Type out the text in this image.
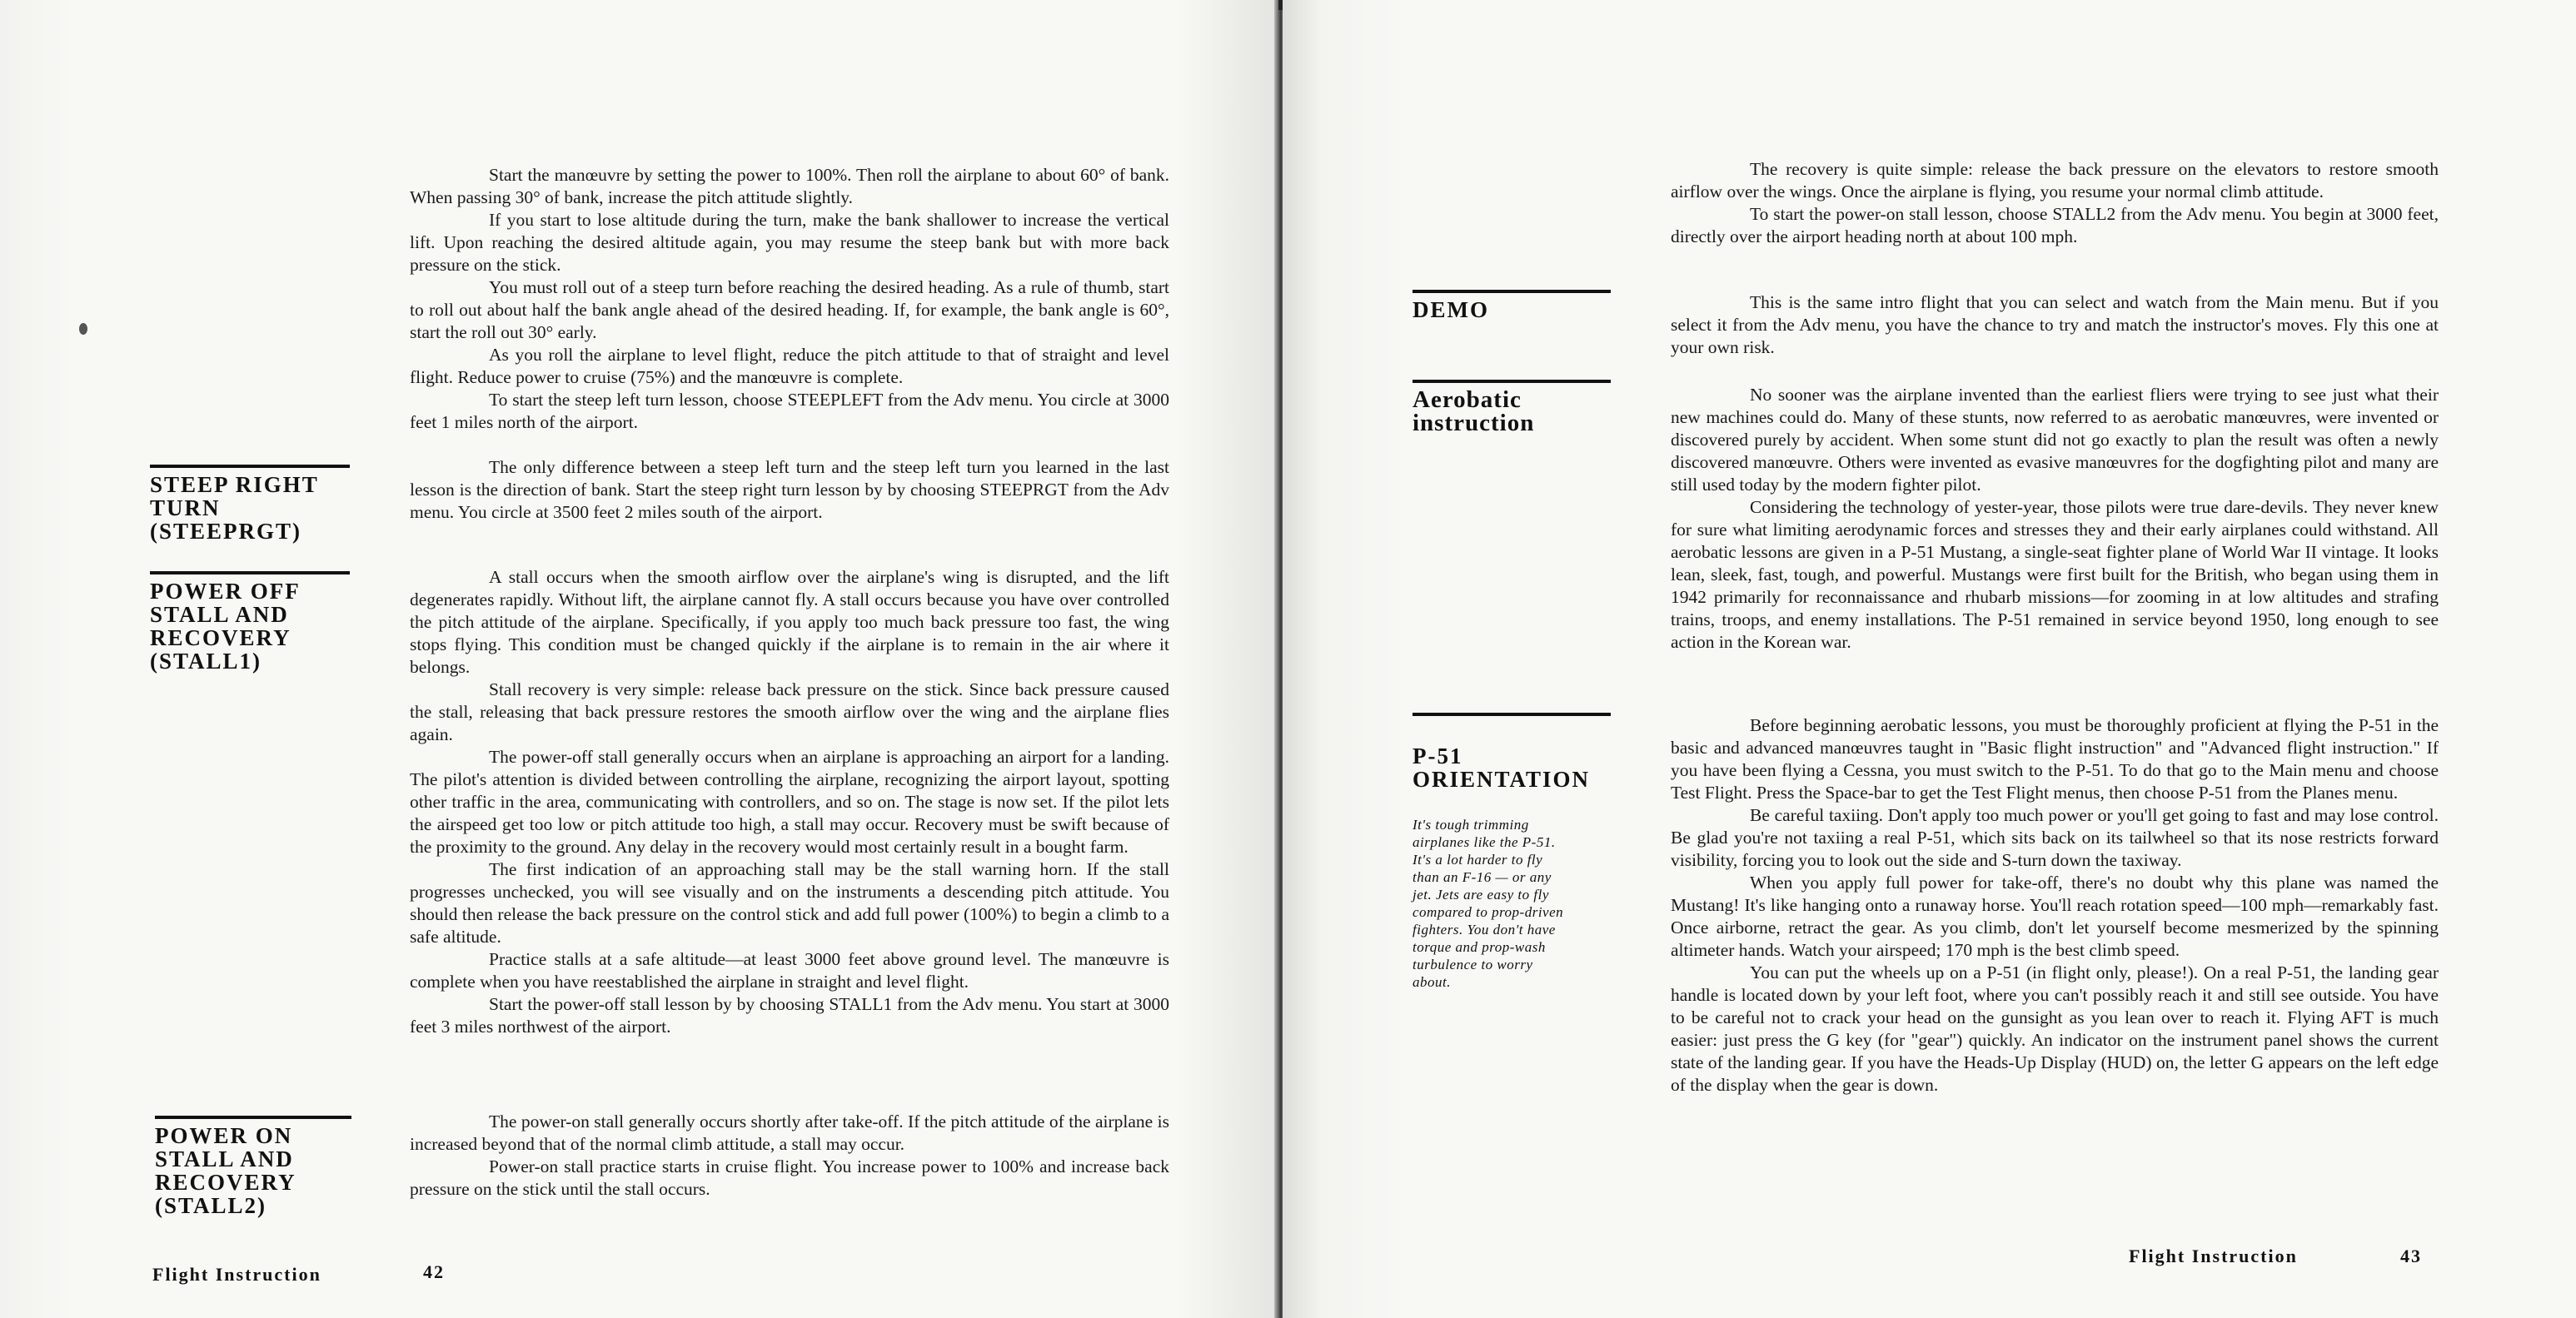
STEEP RIGHT
TURN
(STEEPRGT)
POWER OFF
STALL AND
RECOVERY
(STALL1)
POWER ON
STALL AND
RECOVERY
(STALL2)

Start the manœuvre by setting the power to 100%. Then roll the airplane to about 60° of bank. When passing 30° of bank, increase the pitch attitude slightly.

If you start to lose altitude during the turn, make the bank shallower to increase the vertical lift. Upon reaching the desired altitude again, you may resume the steep bank but with more back pressure on the stick.

You must roll out of a steep turn before reaching the desired heading. As a rule of thumb, start to roll out about half the bank angle ahead of the desired heading. If, for example, the bank angle is 60°, start the roll out 30° early.

As you roll the airplane to level flight, reduce the pitch attitude to that of straight and level flight. Reduce power to cruise (75%) and the manœuvre is complete.

To start the steep left turn lesson, choose STEEPLEFT from the Adv menu. You circle at 3000 feet 1 miles north of the airport.

The only difference between a steep left turn and the steep left turn you learned in the last lesson is the direction of bank. Start the steep right turn lesson by by choosing STEEPRGT from the Adv menu. You circle at 3500 feet 2 miles south of the airport.

A stall occurs when the smooth airflow over the airplane's wing is disrupted, and the lift degenerates rapidly. Without lift, the airplane cannot fly. A stall occurs because you have over controlled the pitch attitude of the airplane. Specifically, if you apply too much back pressure too fast, the wing stops flying. This condition must be changed quickly if the airplane is to remain in the air where it belongs.

Stall recovery is very simple: release back pressure on the stick. Since back pressure caused the stall, releasing that back pressure restores the smooth airflow over the wing and the airplane flies again.

The power-off stall generally occurs when an airplane is approaching an airport for a landing. The pilot's attention is divided between controlling the airplane, recognizing the airport layout, spotting other traffic in the area, communicating with controllers, and so on. The stage is now set. If the pilot lets the airspeed get too low or pitch attitude too high, a stall may occur. Recovery must be swift because of the proximity to the ground. Any delay in the recovery would most certainly result in a bought farm.

The first indication of an approaching stall may be the stall warning horn. If the stall progresses unchecked, you will see visually and on the instruments a descending pitch attitude. You should then release the back pressure on the control stick and add full power (100%) to begin a climb to a safe altitude.

Practice stalls at a safe altitude—at least 3000 feet above ground level. The manœuvre is complete when you have reestablished the airplane in straight and level flight.

Start the power-off stall lesson by by choosing STALL1 from the Adv menu. You start at 3000 feet 3 miles northwest of the airport.

The power-on stall generally occurs shortly after take-off. If the pitch attitude of the airplane is increased beyond that of the normal climb attitude, a stall may occur.

Power-on stall practice starts in cruise flight. You increase power to 100% and increase back pressure on the stick until the stall occurs.

Flight Instruction	42
DEMO
Aerobatic
instruction

P-51
ORIENTATION

It's tough trimming
airplanes like the P-51.
It's a lot harder to fly
than an F-16 — or any
jet. Jets are easy to fly
compared to prop-driven
fighters. You don't have
torque and prop-wash
turbulence to worry
about.

The recovery is quite simple: release the back pressure on the elevators to restore smooth airflow over the wings. Once the airplane is flying, you resume your normal climb attitude.

To start the power-on stall lesson, choose STALL2 from the Adv menu. You begin at 3000 feet, directly over the airport heading north at about 100 mph.

This is the same intro flight that you can select and watch from the Main menu. But if you select it from the Adv menu, you have the chance to try and match the instructor's moves. Fly this one at your own risk.

No sooner was the airplane invented than the earliest fliers were trying to see just what their new machines could do. Many of these stunts, now referred to as aerobatic manœuvres, were invented or discovered purely by accident. When some stunt did not go exactly to plan the result was often a newly discovered manœuvre. Others were invented as evasive manœuvres for the dogfighting pilot and many are still used today by the modern fighter pilot.

Considering the technology of yester-year, those pilots were true dare-devils. They never knew for sure what limiting aerodynamic forces and stresses they and their early airplanes could withstand. All aerobatic lessons are given in a P-51 Mustang, a single-seat fighter plane of World War II vintage. It looks lean, sleek, fast, tough, and powerful. Mustangs were first built for the British, who began using them in 1942 primarily for reconnaissance and rhubarb missions—for zooming in at low altitudes and strafing trains, troops, and enemy installations. The P-51 remained in service beyond 1950, long enough to see action in the Korean war.

Before beginning aerobatic lessons, you must be thoroughly proficient at flying the P-51 in the basic and advanced manœuvres taught in "Basic flight instruction" and "Advanced flight instruction." If you have been flying a Cessna, you must switch to the P-51. To do that go to the Main menu and choose Test Flight. Press the Space-bar to get the Test Flight menus, then choose P-51 from the Planes menu.

Be careful taxiing. Don't apply too much power or you'll get going to fast and may lose control. Be glad you're not taxiing a real P-51, which sits back on its tailwheel so that its nose restricts forward visibility, forcing you to look out the side and S-turn down the taxiway.

When you apply full power for take-off, there's no doubt why this plane was named the Mustang! It's like hanging onto a runaway horse. You'll reach rotation speed—100 mph—remarkably fast. Once airborne, retract the gear. As you climb, don't let yourself become mesmerized by the spinning altimeter hands. Watch your airspeed; 170 mph is the best climb speed.

You can put the wheels up on a P-51 (in flight only, please!). On a real P-51, the landing gear handle is located down by your left foot, where you can't possibly reach it and still see outside. You have to be careful not to crack your head on the gunsight as you lean over to reach it. Flying AFT is much easier: just press the G key (for "gear") quickly. An indicator on the instrument panel shows the current state of the landing gear. If you have the Heads-Up Display (HUD) on, the letter G appears on the left edge of the display when the gear is down.

Flight Instruction	43
